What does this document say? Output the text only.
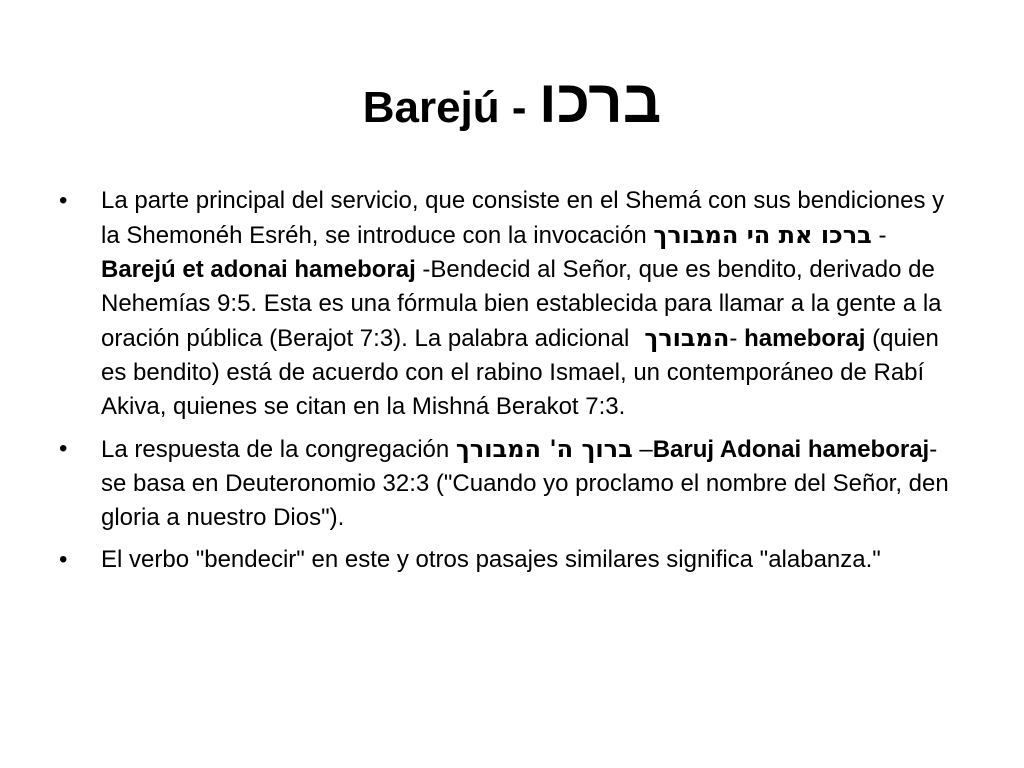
Barejú - ברכו
•	La parte principal del servicio, que consiste en el Shemá con sus bendiciones y la Shemonéh Esréh, se introduce con la invocación ברכו את הי המבורך - Barejú et adonai hameboraj -Bendecid al Señor, que es bendito, derivado de Nehemías 9:5. Esta es una fórmula bien establecida para llamar a la gente a la oración pública (Berajot 7:3). La palabra adicional המבורך - hameboraj (quien es bendito) está de acuerdo con el rabino Ismael, un contemporáneo de Rabí Akiva, quienes se citan en la Mishná Berakot 7:3.
•	La respuesta de la congregación ברוך ה' המבורך –Baruj Adonai hameboraj- se basa en Deuteronomio 32:3 ("Cuando yo proclamo el nombre del Señor, den gloria a nuestro Dios").
•	El verbo "bendecir" en este y otros pasajes similares significa "alabanza."
